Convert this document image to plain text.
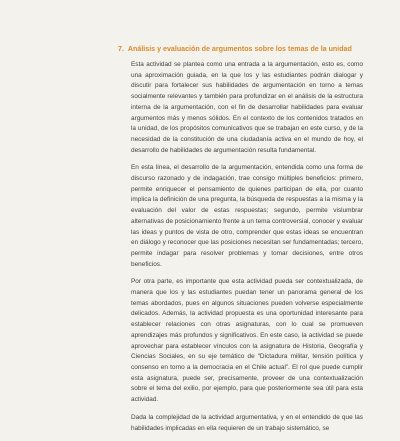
7. Análisis y evaluación de argumentos sobre los temas de la unidad

Esta actividad se plantea como una entrada a la argumentación, esto es, como una aproximación guiada, en la que los y las estudiantes podrán dialogar y discutir para fortalecer sus habilidades de argumentación en torno a temas socialmente relevantes y también para profundizar en el análisis de la estructura interna de la argumentación, con el fin de desarrollar habilidades para evaluar argumentos más y menos sólidos. En el contexto de los contenidos tratados en la unidad, de los propósitos comunicativos que se trabajan en este curso, y de la necesidad de la constitución de una ciudadanía activa en el mundo de hoy, el desarrollo de habilidades de argumentación resulta fundamental.

En esta línea, el desarrollo de la argumentación, entendida como una forma de discurso razonado y de indagación, trae consigo múltiples beneficios: primero, permite enriquecer el pensamiento de quienes participan de ella, por cuanto implica la definición de una pregunta, la búsqueda de respuestas a la misma y la evaluación del valor de estas respuestas; segundo, permite vislumbrar alternativas de posicionamiento frente a un tema controversial, conocer y evaluar las ideas y puntos de vista de otro, comprender que estas ideas se encuentran en diálogo y reconocer que las posiciones necesitan ser fundamentadas; tercero, permite indagar para resolver problemas y tomar decisiones, entre otros beneficios.

Por otra parte, es importante que esta actividad pueda ser contextualizada, de manera que los y las estudiantes puedan tener un panorama general de los temas abordados, pues en algunos situaciones pueden volverse especialmente delicados. Además, la actividad propuesta es una oportunidad interesante para establecer relaciones con otras asignaturas, con lo cual se promueven aprendizajes más profundos y significativos. En este caso, la actividad se puede aprovechar para establecer vínculos con la asignatura de Historia, Geografía y Ciencias Sociales, en su eje temático de “Dictadura militar, tensión política y consenso en torno a la democracia en el Chile actual”. El rol que puede cumplir esta asignatura, puede ser, precisamente, proveer de una contextualización sobre el tema del exilio, por ejemplo, para que posteriormente sea útil para esta actividad.

Dada la complejidad de la actividad argumentativa, y en el entendido de que las habilidades implicadas en ella requieren de un trabajo sistemático, se
